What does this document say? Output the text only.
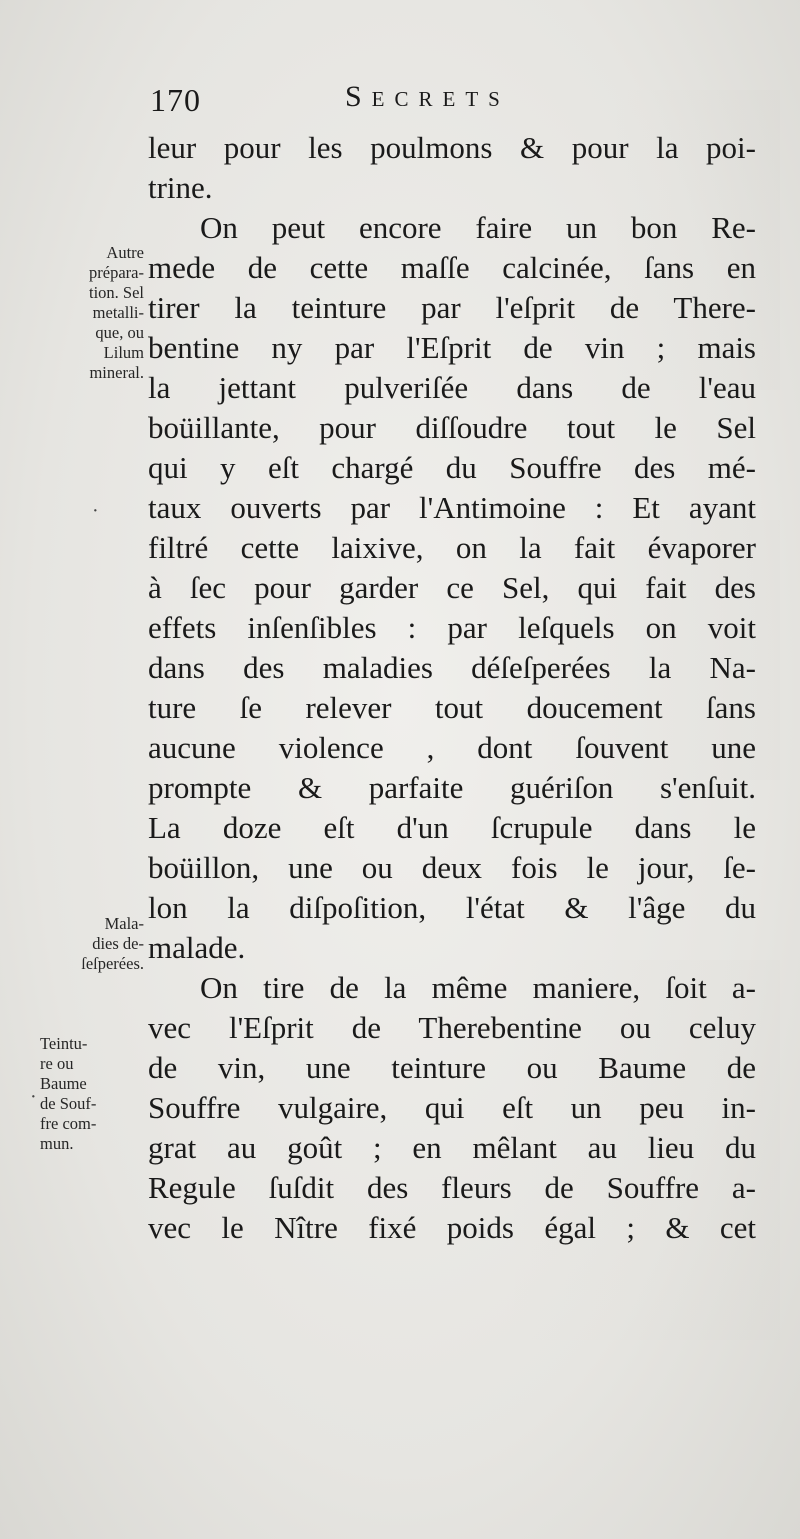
170	Secrets
leur pour les poulmons & pour la poi-
trine.
On peut encore faire un bon Re-
mede de cette maſſe calcinée, ſans en
tirer la teinture par l'eſprit de There-
bentine ny par l'Eſprit de vin ; mais
la jettant pulveriſée dans de l'eau
boüillante, pour diſſoudre tout le Sel
qui y eſt chargé du Souffre des mé-
taux ouverts par l'Antimoine : Et ayant
filtré cette laixive, on la fait évaporer
à ſec pour garder ce Sel, qui fait des
effets inſenſibles : par leſquels on voit
dans des maladies déſeſperées la Na-
ture ſe relever tout doucement ſans
aucune violence , dont ſouvent une
prompte & parfaite guériſon s'enſuit.
La doze eſt d'un ſcrupule dans le
boüillon, une ou deux fois le jour, ſe-
lon la diſpoſition, l'état & l'âge du
malade.
On tire de la même maniere, ſoit a-
vec l'Eſprit de Therebentine ou celuy
de vin, une teinture ou Baume de
Souffre vulgaire, qui eſt un peu in-
grat au goût ; en mêlant au lieu du
Regule ſuſdit des fleurs de Souffre a-
vec le Nître fixé poids égal ; & cet
Autre
prépara-
tion. Sel
metalli-
que, ou
Lilum
mineral.
Mala-
dies de-
ſeſperées.
Teintu-
re ou
Baume
de Souf-
fre com-
mun.
·
·
